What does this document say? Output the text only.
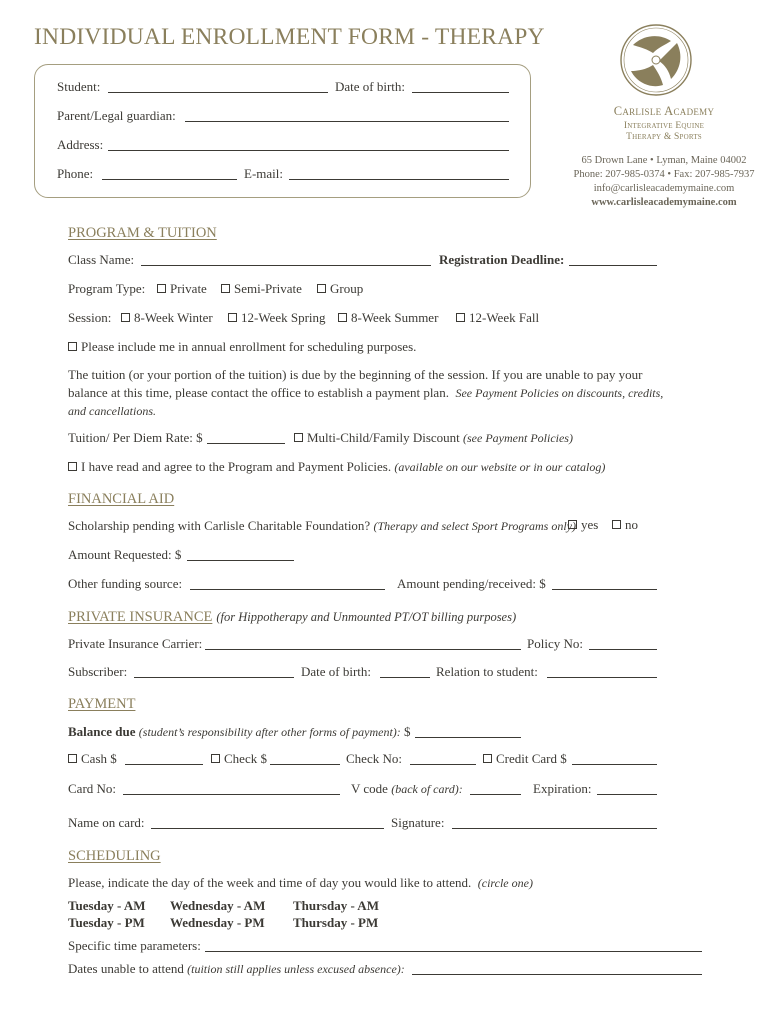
INDIVIDUAL ENROLLMENT FORM - THERAPY
Student:	Date of birth:
Parent/Legal guardian:
Address:
Phone:	E-mail:
Carlisle Academy
Integrative Equine
Therapy & Sports
65 Drown Lane • Lyman, Maine 04002
Phone: 207-985-0374 • Fax: 207-985-7937
info@carlisleacademymaine.com
www.carlisleacademymaine.com
PROGRAM & TUITION
Class Name:	Registration Deadline:
Program Type:	Private	Semi-Private	Group
Session:	8-Week Winter	12-Week Spring	8-Week Summer	12-Week Fall
Please include me in annual enrollment for scheduling purposes.
The tuition (or your portion of the tuition) is due by the beginning of the session. If you are unable to pay your balance at this time, please contact the office to establish a payment plan. See Payment Policies on discounts, credits, and cancellations.
Tuition/ Per Diem Rate: $	Multi-Child/Family Discount (see Payment Policies)
I have read and agree to the Program and Payment Policies. (available on our website or in our catalog)
FINANCIAL AID
Scholarship pending with Carlisle Charitable Foundation? (Therapy and select Sport Programs only) yes	no
Amount Requested: $
Other funding source:	Amount pending/received: $
PRIVATE INSURANCE (for Hippotherapy and Unmounted PT/OT billing purposes)
Private Insurance Carrier:	Policy No:
Subscriber:	Date of birth:	Relation to student:
PAYMENT
Balance due (student’s responsibility after other forms of payment): $
Cash $	Check $	Check No:	Credit Card $
Card No:	V code (back of card):	Expiration:
Name on card:	Signature:
SCHEDULING
Please, indicate the day of the week and time of day you would like to attend. (circle one)
Tuesday - AM Wednesday - AM Thursday - AM
Tuesday - PM Wednesday - PM Thursday - PM
Specific time parameters:
Dates unable to attend (tuition still applies unless excused absence):
